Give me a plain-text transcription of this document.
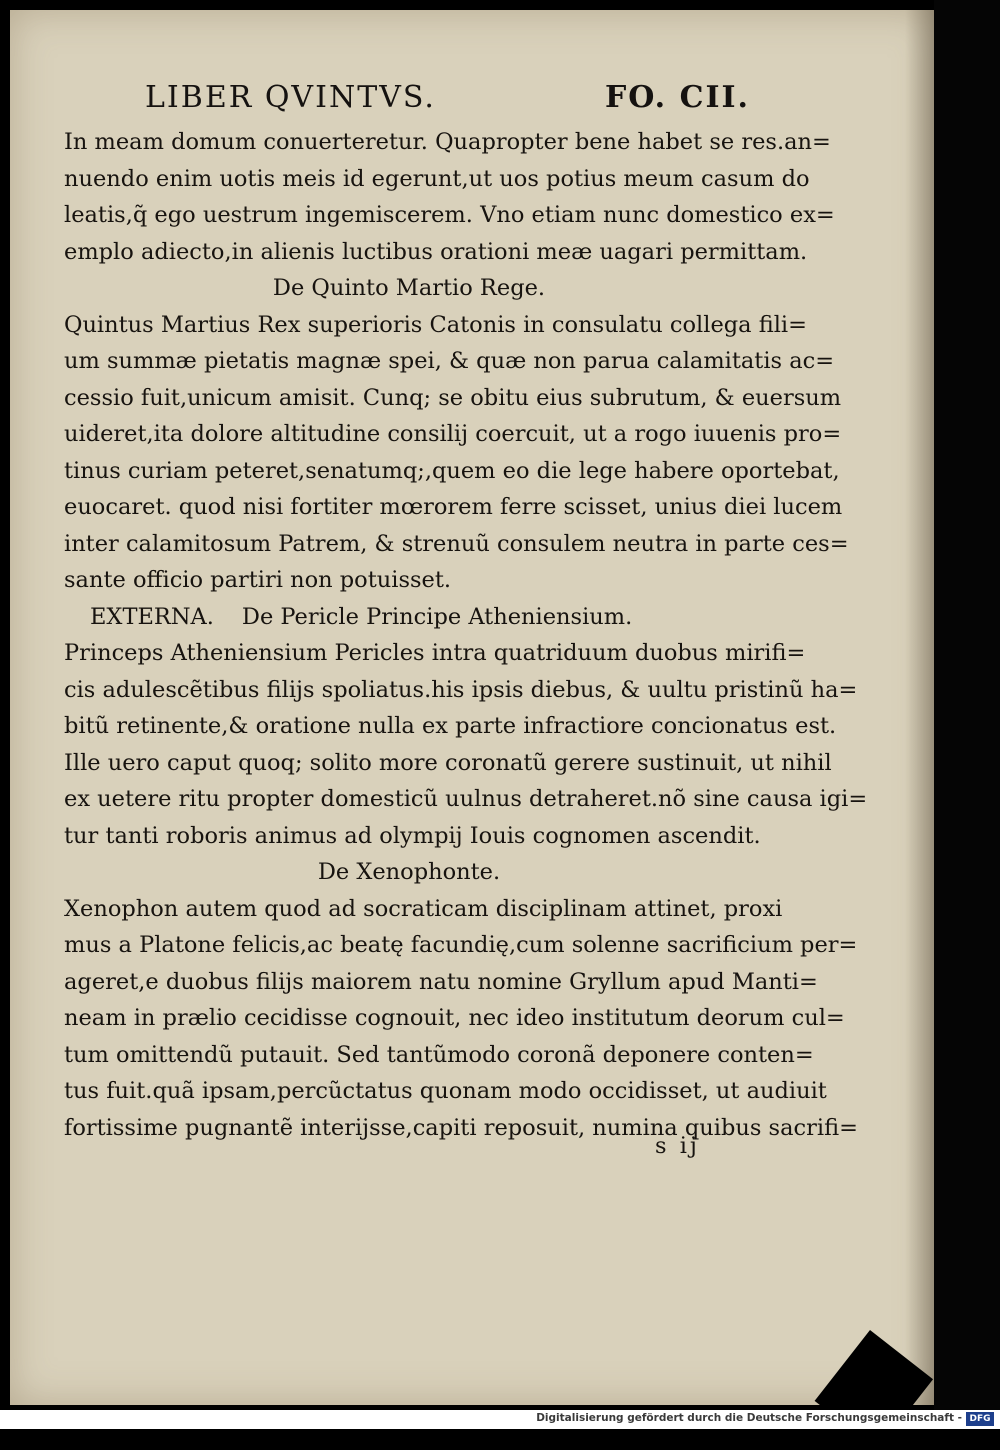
LIBER QVINTVS.	FO. CII.
In meam domum conuerteretur. Quapropter bene habet se res.an=
nuendo enim uotis meis id egerunt,ut uos potius meum casum do
leatis,q̃ ego uestrum ingemiscerem. Vno etiam nunc domestico ex=
emplo adiecto,in alienis luctibus orationi meæ uagari permittam.
De Quinto Martio Rege.
Quintus Martius Rex superioris Catonis in consulatu collega fili=
um summæ pietatis magnæ spei, & quæ non parua calamitatis ac=
cessio fuit,unicum amisit. Cunq; se obitu eius subrutum, & euersum
uideret,ita dolore altitudine consilij coercuit, ut a rogo iuuenis pro=
tinus curiam peteret,senatumq;,quem eo die lege habere oportebat,
euocaret. quod nisi fortiter mœrorem ferre scisset, unius diei lucem
inter calamitosum Patrem, & strenuũ consulem neutra in parte ces=
sante officio partiri non potuisset.
EXTERNA. De Pericle Principe Atheniensium.
Princeps Atheniensium Pericles intra quatriduum duobus mirifi=
cis adulescẽtibus filijs spoliatus.his ipsis diebus, & uultu pristinũ ha=
bitũ retinente,& oratione nulla ex parte infractiore concionatus est.
Ille uero caput quoq; solito more coronatũ gerere sustinuit, ut nihil
ex uetere ritu propter domesticũ uulnus detraheret.nõ sine causa igi=
tur tanti roboris animus ad olympij Iouis cognomen ascendit.
De Xenophonte.
Xenophon autem quod ad socraticam disciplinam attinet, proxi
mus a Platone felicis,ac beatę facundię,cum solenne sacrificium per=
ageret,e duobus filijs maiorem natu nomine Gryllum apud Manti=
neam in prælio cecidisse cognouit, nec ideo institutum deorum cul=
tum omittendũ putauit. Sed tantũmodo coronã deponere conten=
tus fuit.quã ipsam,percũctatus quonam modo occidisset, ut audiuit
fortissime pugnantẽ interijsse,capiti reposuit, numina quibus sacrifi=
s ij
Digitalisierung gefördert durch die Deutsche Forschungsgemeinschaft - DFG
